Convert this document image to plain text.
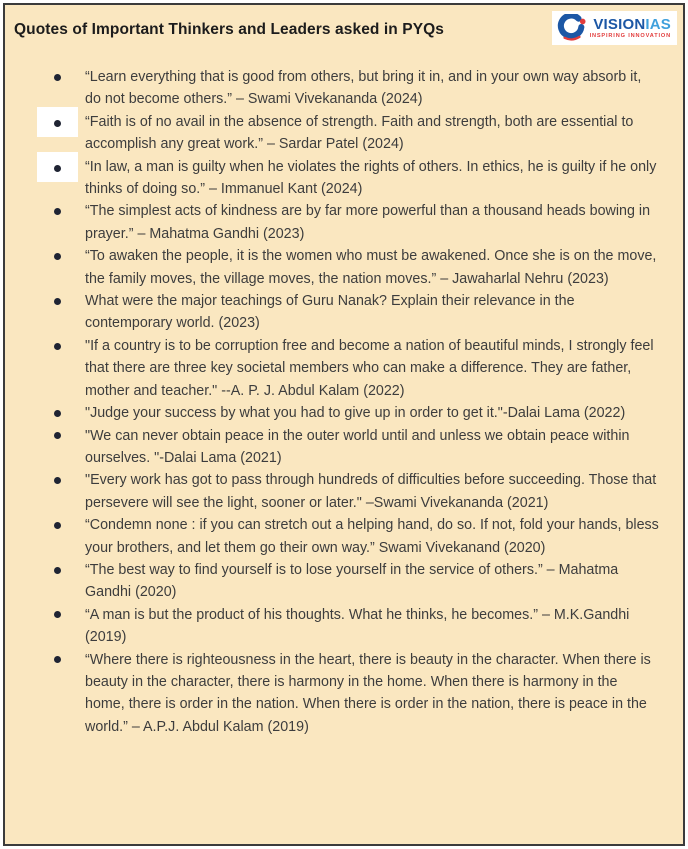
Quotes of Important Thinkers and Leaders asked in PYQs	VISIONIAS
INSPIRING INNOVATION
“Learn everything that is good from others, but bring it in, and in your own way absorb it, do not become others.” – Swami Vivekananda (2024)
“Faith is of no avail in the absence of strength. Faith and strength, both are essential to accomplish any great work.” – Sardar Patel (2024)
“In law, a man is guilty when he violates the rights of others. In ethics, he is guilty if he only thinks of doing so.” – Immanuel Kant (2024)
“The simplest acts of kindness are by far more powerful than a thousand heads bowing in prayer.” – Mahatma Gandhi (2023)
“To awaken the people, it is the women who must be awakened. Once she is on the move, the family moves, the village moves, the nation moves.” – Jawaharlal Nehru (2023)
What were the major teachings of Guru Nanak? Explain their relevance in the contemporary world. (2023)
"If a country is to be corruption free and become a nation of beautiful minds, I strongly feel that there are three key societal members who can make a difference. They are father, mother and teacher." --A. P. J. Abdul Kalam (2022)
"Judge your success by what you had to give up in order to get it."-Dalai Lama (2022)
"We can never obtain peace in the outer world until and unless we obtain peace within ourselves. "-Dalai Lama (2021)
"Every work has got to pass through hundreds of difficulties before succeeding. Those that persevere will see the light, sooner or later." –Swami Vivekananda (2021)
“Condemn none : if you can stretch out a helping hand, do so. If not, fold your hands, bless your brothers, and let them go their own way.” Swami Vivekanand (2020)
“The best way to find yourself is to lose yourself in the service of others.” – Mahatma Gandhi (2020)
“A man is but the product of his thoughts. What he thinks, he becomes.” – M.K.Gandhi (2019)
“Where there is righteousness in the heart, there is beauty in the character. When there is beauty in the character, there is harmony in the home. When there is harmony in the home, there is order in the nation. When there is order in the nation, there is peace in the world.” – A.P.J. Abdul Kalam (2019)
